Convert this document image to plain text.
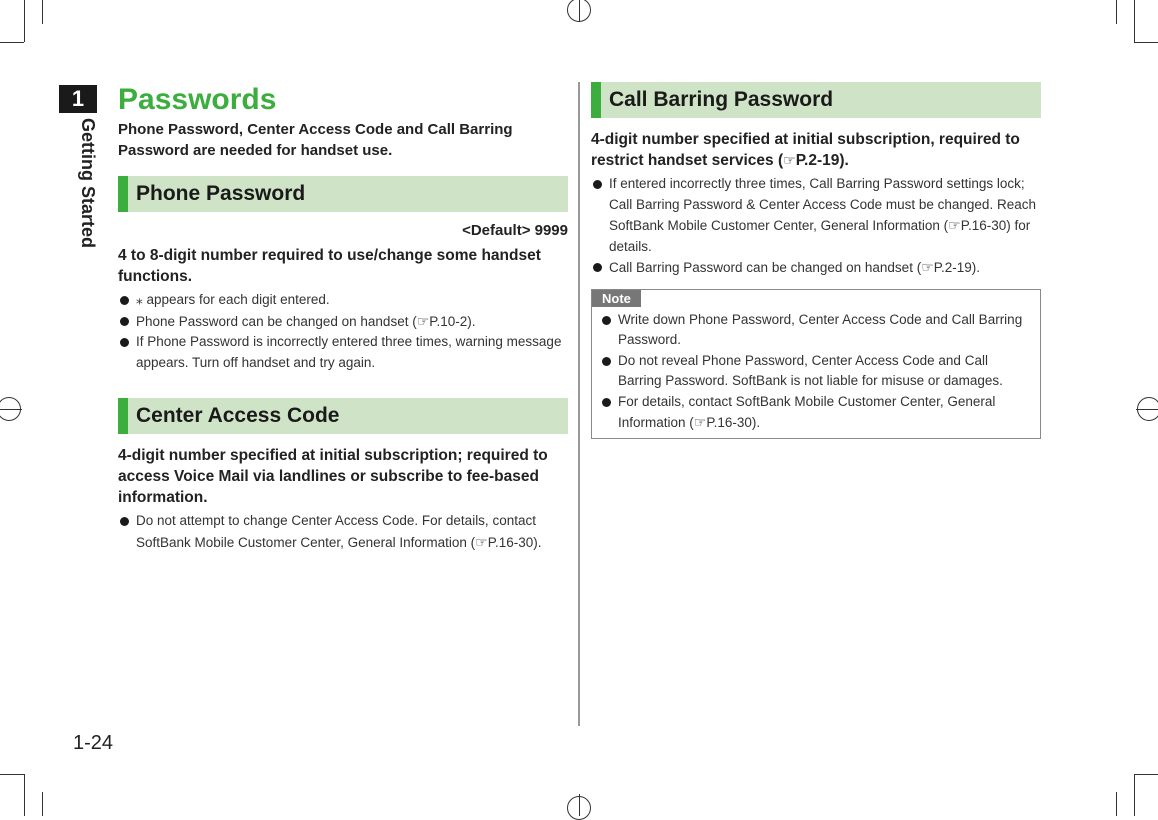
1
Getting Started
1-24
Passwords

Phone Password, Center Access Code and Call Barring Password are needed for handset use.

Phone Password
<Default> 9999

4 to 8-digit number required to use/change some handset functions.

⁎ appears for each digit entered.
Phone Password can be changed on handset (☞P.10-2).
If Phone Password is incorrectly entered three times, warning message appears. Turn off handset and try again.
Center Access Code

4-digit number specified at initial subscription; required to access Voice Mail via landlines or subscribe to fee-based information.

Do not attempt to change Center Access Code. For details, contact SoftBank Mobile Customer Center, General Information (☞P.16-30).
Call Barring Password

4-digit number specified at initial subscription, required to restrict handset services (☞P.2-19).

If entered incorrectly three times, Call Barring Password settings lock; Call Barring Password & Center Access Code must be changed. Reach SoftBank Mobile Customer Center, General Information (☞P.16-30) for details.
Call Barring Password can be changed on handset (☞P.2-19).
Note
Write down Phone Password, Center Access Code and Call Barring Password.
Do not reveal Phone Password, Center Access Code and Call Barring Password. SoftBank is not liable for misuse or damages.
For details, contact SoftBank Mobile Customer Center, General Information (☞P.16-30).
